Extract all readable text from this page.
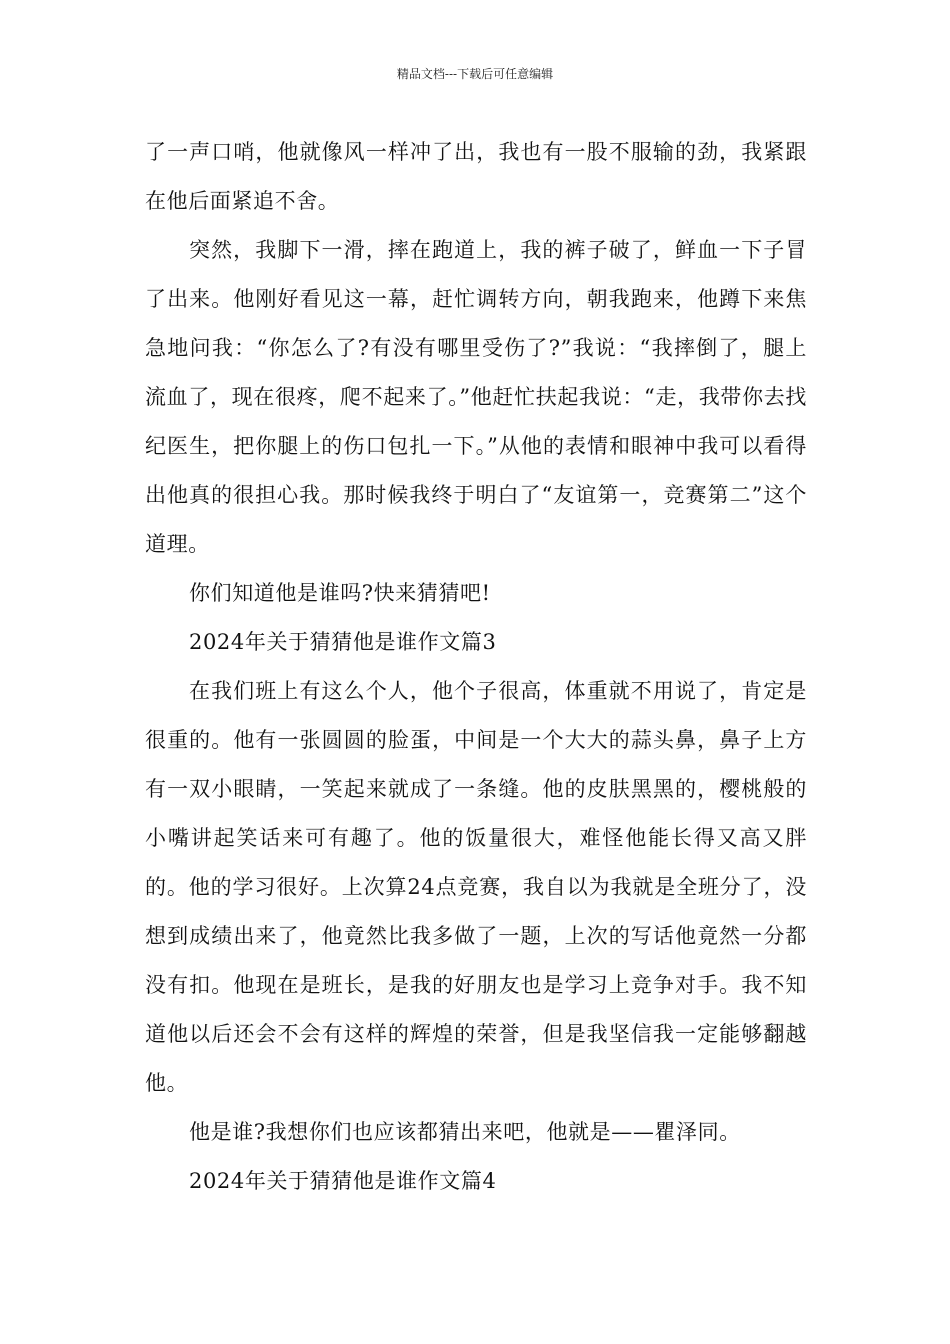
精品文档---下载后可任意编辑

了一声口哨，他就像风一样冲了出，我也有一股不服输的劲，我紧跟在他后面紧追不舍。

突然，我脚下一滑，摔在跑道上，我的裤子破了，鲜血一下子冒了出来。他刚好看见这一幕，赶忙调转方向，朝我跑来，他蹲下来焦急地问我：“你怎么了?有没有哪里受伤了?”我说：“我摔倒了，腿上流血了，现在很疼，爬不起来了。”他赶忙扶起我说：“走，我带你去找纪医生，把你腿上的伤口包扎一下。”从他的表情和眼神中我可以看得出他真的很担心我。那时候我终于明白了“友谊第一，竞赛第二”这个道理。

你们知道他是谁吗?快来猜猜吧!

2024年关于猜猜他是谁作文篇3

在我们班上有这么个人，他个子很高，体重就不用说了，肯定是很重的。他有一张圆圆的脸蛋，中间是一个大大的蒜头鼻，鼻子上方有一双小眼睛，一笑起来就成了一条缝。他的皮肤黑黑的，樱桃般的小嘴讲起笑话来可有趣了。他的饭量很大，难怪他能长得又高又胖的。他的学习很好。上次算24点竞赛，我自以为我就是全班分了，没想到成绩出来了，他竟然比我多做了一题，上次的写话他竟然一分都没有扣。他现在是班长，是我的好朋友也是学习上竞争对手。我不知道他以后还会不会有这样的辉煌的荣誉，但是我坚信我一定能够翻越他。

他是谁?我想你们也应该都猜出来吧，他就是——瞿泽同。

2024年关于猜猜他是谁作文篇4
